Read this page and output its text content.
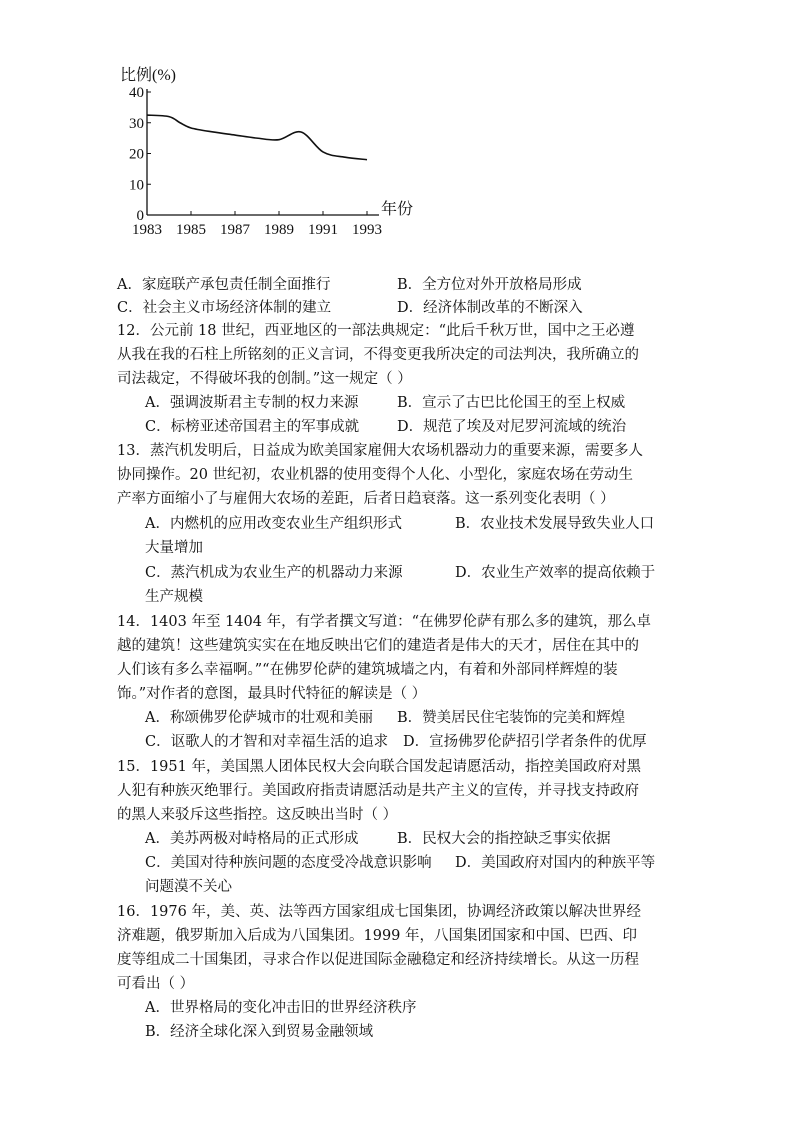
40
30
20
10
0
1983 1985 1987 1989 1991 1993
比例(%)
年份
A．家庭联产承包责任制全面推行	B．全方位对外开放格局形成
C．社会主义市场经济体制的建立	D．经济体制改革的不断深入
12．公元前 18 世纪，西亚地区的一部法典规定：“此后千秋万世，国中之王必遵
从我在我的石柱上所铭刻的正义言词，不得变更我所决定的司法判决，我所确立的
司法裁定，不得破坏我的创制。”这一规定（ ）
A．强调波斯君主专制的权力来源	B．宣示了古巴比伦国王的至上权威
C．标榜亚述帝国君主的军事成就	D．规范了埃及对尼罗河流域的统治
13．蒸汽机发明后，日益成为欧美国家雇佣大农场机器动力的重要来源，需要多人
协同操作。20 世纪初，农业机器的使用变得个人化、小型化，家庭农场在劳动生
产率方面缩小了与雇佣大农场的差距，后者日趋衰落。这一系列变化表明（ ）
A．内燃机的应用改变农业生产组织形式	B．农业技术发展导致失业人口
大量增加
C．蒸汽机成为农业生产的机器动力来源	D．农业生产效率的提高依赖于
生产规模
14．1403 年至 1404 年，有学者撰文写道：“在佛罗伦萨有那么多的建筑，那么卓
越的建筑！这些建筑实实在在地反映出它们的建造者是伟大的天才，居住在其中的
人们该有多么幸福啊。”“在佛罗伦萨的建筑城墙之内，有着和外部同样辉煌的装
饰。”对作者的意图，最具时代特征的解读是（ ）
A．称颂佛罗伦萨城市的壮观和美丽 B．赞美居民住宅装饰的完美和辉煌
C．讴歌人的才智和对幸福生活的追求 D．宣扬佛罗伦萨招引学者条件的优厚
15．1951 年，美国黑人团体民权大会向联合国发起请愿活动，指控美国政府对黑
人犯有种族灭绝罪行。美国政府指责请愿活动是共产主义的宣传，并寻找支持政府
的黑人来驳斥这些指控。这反映出当时（ ）
A．美苏两极对峙格局的正式形成	B．民权大会的指控缺乏事实依据
C．美国对待种族问题的态度受冷战意识影响 D．美国政府对国内的种族平等
问题漠不关心
16．1976 年，美、英、法等西方国家组成七国集团，协调经济政策以解决世界经
济难题，俄罗斯加入后成为八国集团。1999 年，八国集团国家和中国、巴西、印
度等组成二十国集团，寻求合作以促进国际金融稳定和经济持续增长。从这一历程
可看出（ ）
A．世界格局的变化冲击旧的世界经济秩序
B．经济全球化深入到贸易金融领域
